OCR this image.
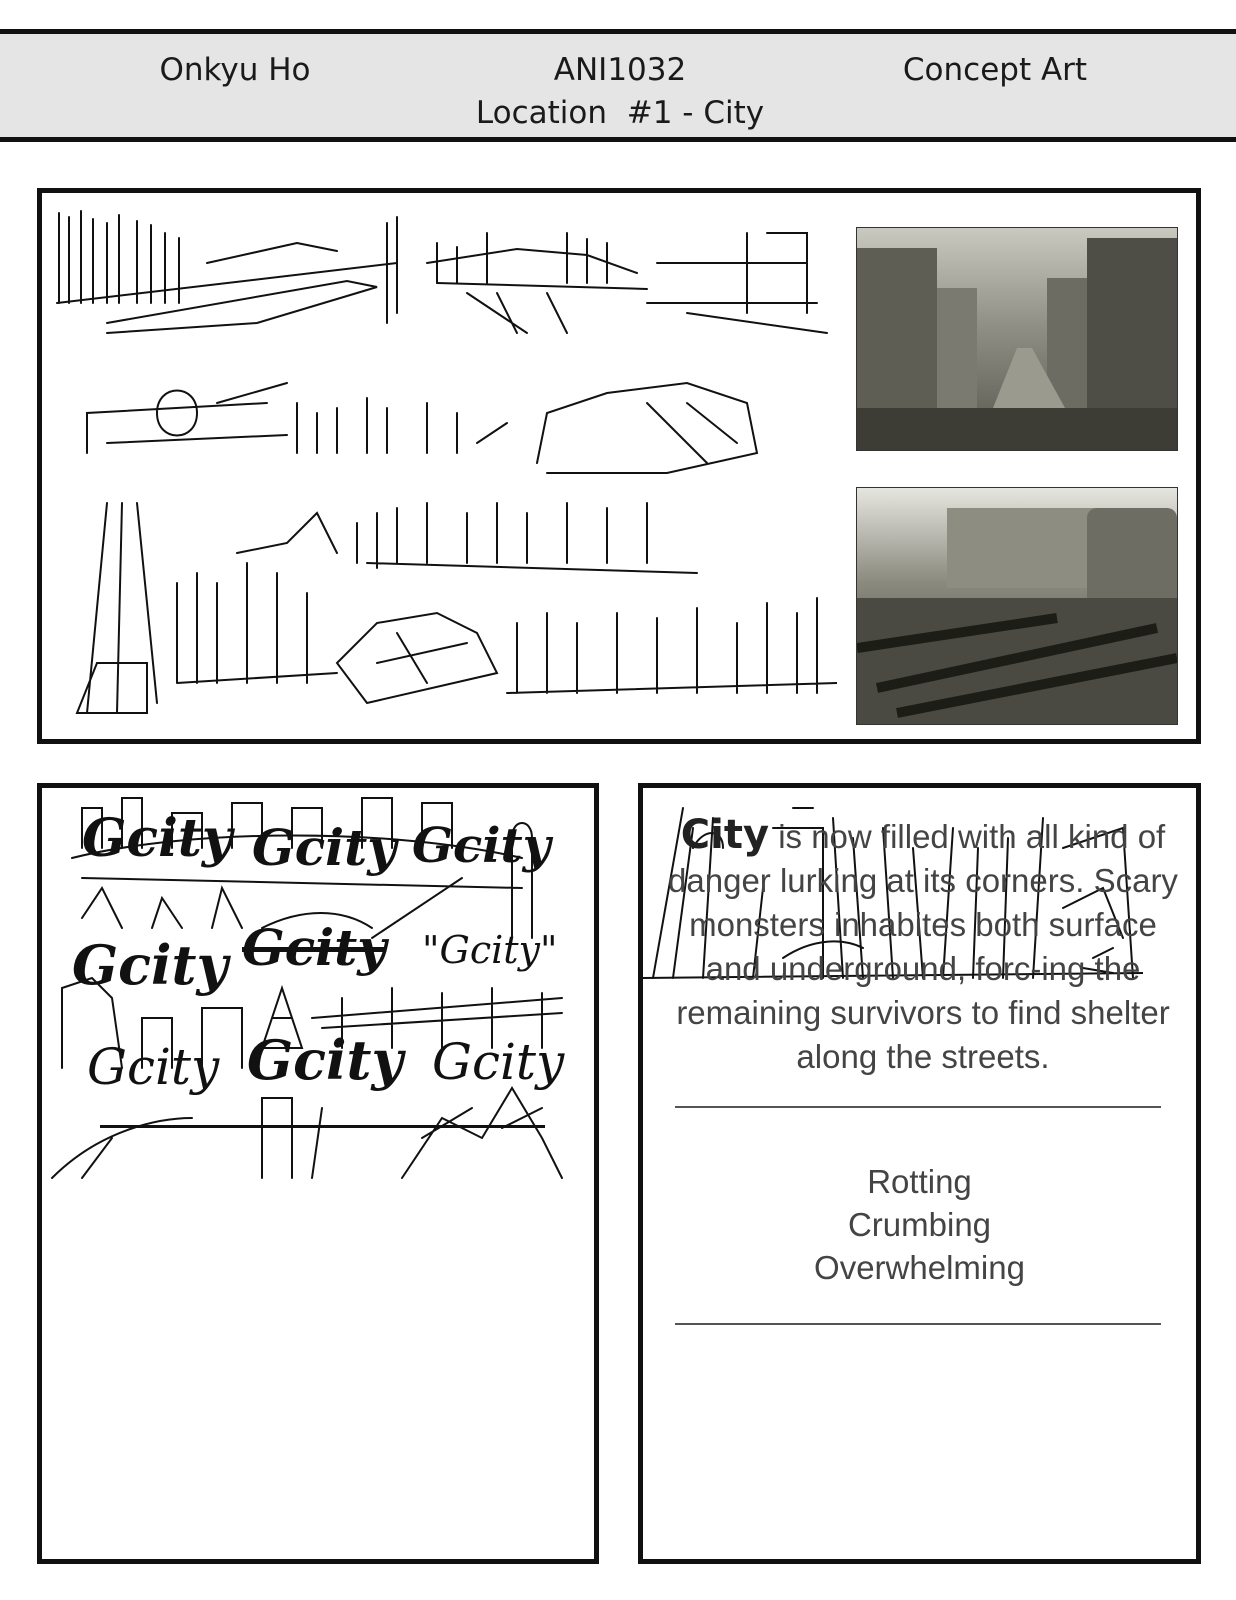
Onkyu Ho	ANI1032
Location  #1 - City
Concept Art
Gcity Gcity Gcity
Gcity Gcity "Gcity"
Gcity Gcity Gcity
City is now filled with all kind of danger lurking at its corners. Scary monsters inhabites both surface and underground, forc-ing the remaining survivors to find shelter along the streets.
Rotting
Crumbing
Overwhelming
